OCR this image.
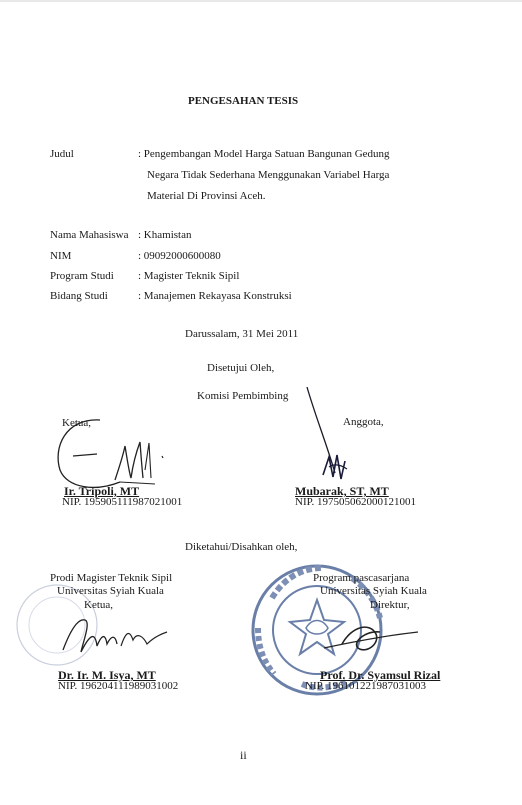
PENGESAHAN TESIS
Judul	: Pengembangan Model Harga Satuan Bangunan Gedung
Negara Tidak Sederhana Menggunakan Variabel Harga
Material Di Provinsi Aceh.
Nama Mahasiswa : Khamistan
NIM	: 09092000600080
Program Studi : Magister Teknik Sipil
Bidang Studi	: Manajemen Rekayasa Konstruksi
Darussalam, 31 Mei 2011
Disetujui Oleh,
Komisi Pembimbing
Ketua,
Ir. Tripoli, MT
NIP. 195905111987021001
Anggota,
Mubarak, ST, MT
NIP. 197505062000121001
Diketahui/Disahkan oleh,
Prodi Magister Teknik Sipil
Universitas Syiah Kuala
Ketua,
Dr. Ir. M. Isya, MT
NIP. 196204111989031002
Program pascasarjana
Universitas Syiah Kuala
Direktur,
Prof. Dr. Syamsul Rizal
NIP. 196101221987031003
ii
